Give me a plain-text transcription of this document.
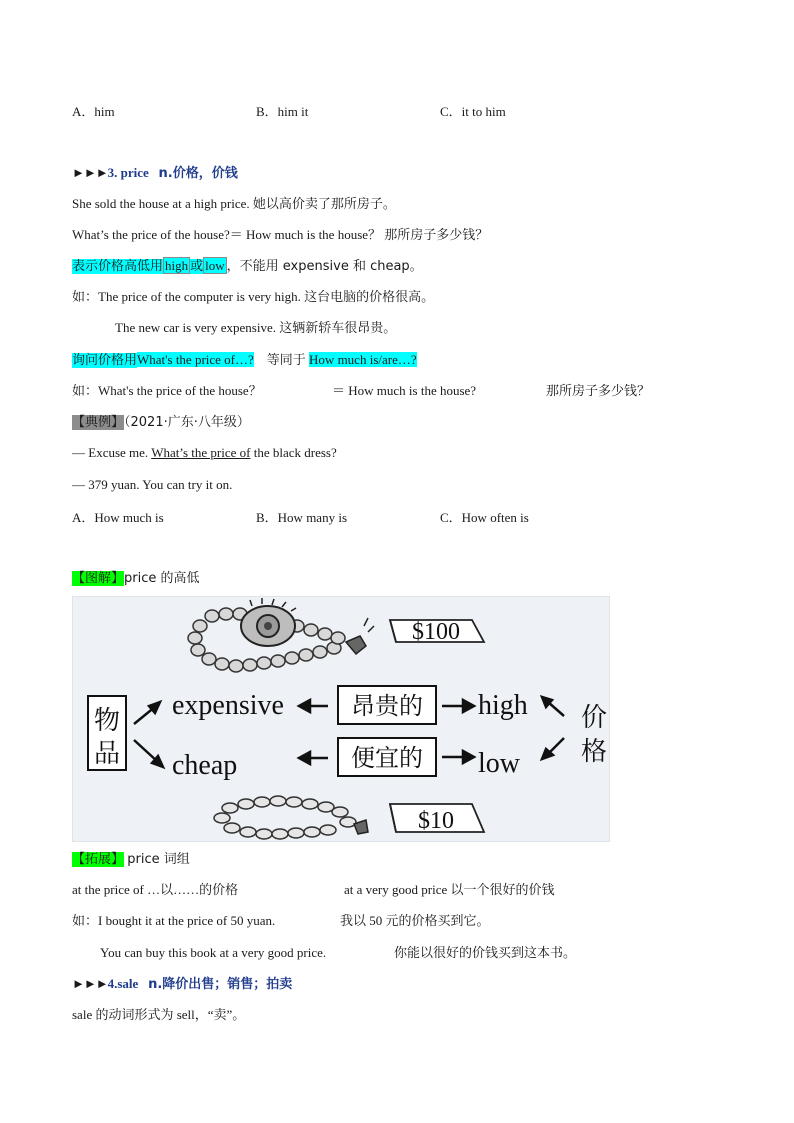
A．him	B．him it	C．it to him
►►►3. price n.价格，价钱
She sold the house at a high price. 她以高价卖了那所房子。
What’s the price of the house?＝ How much is the house？ 那所房子多少钱？
表示价格高低用 high 或 low ，不能用 expensive 和 cheap。
如：The price of the computer is very high. 这台电脑的价格很高。
The new car is very expensive. 这辆新轿车很昂贵。
询问价格用What's the price of…? 等同于 How much is/are…?
如：What's the price of the house？	＝ How much is the house?	那所房子多少钱？
【典例】（2021·广东·八年级）
— Excuse me. What’s the price of the black dress?
— 379 yuan. You can try it on.
A．How much is	B．How many is	C．How often is
【图解】price 的高低
$100
物
品
expensive
cheap
昂贵的
便宜的
high
low
价
格
$10
【拓展】 price 词组
at the price of …以……的价格	at a very good price 以一个很好的价钱
如：I bought it at the price of 50 yuan.	我以 50 元的价格买到它。
You can buy this book at a very good price.	你能以很好的价钱买到这本书。
►►►4.sale n.降价出售；销售；拍卖
sale 的动词形式为 sell，“卖”。
